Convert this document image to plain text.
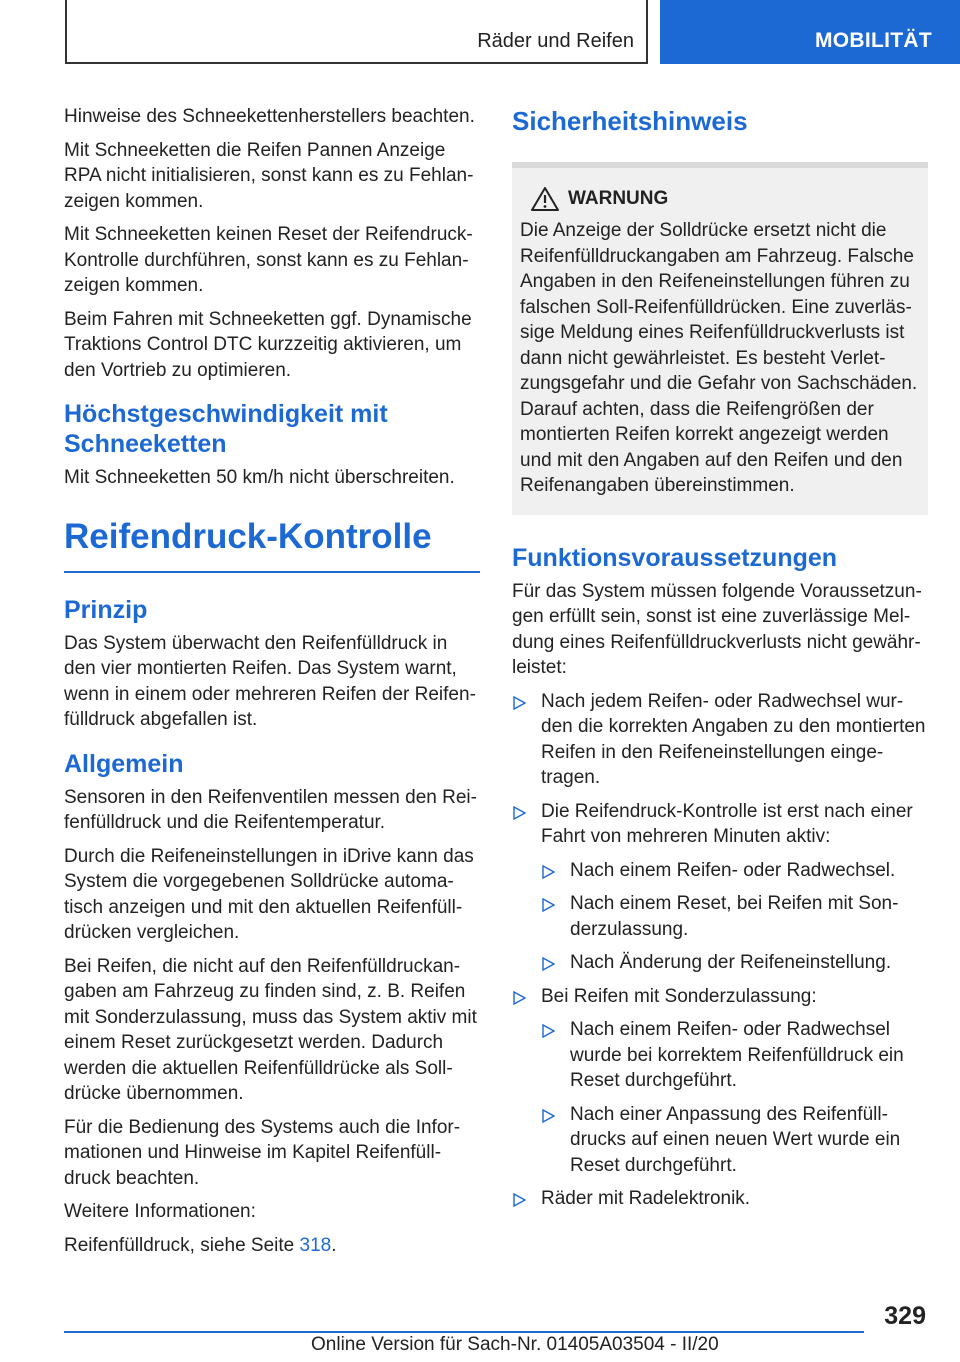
Räder und Reifen	MOBILITÄT

Hinweise des Schneekettenherstellers beachten.

Mit Schneeketten die Reifen Pannen Anzeige RPA nicht initialisieren, sonst kann es zu Fehlanzeigen kommen.

Mit Schneeketten keinen Reset der Reifendruck-Kontrolle durchführen, sonst kann es zu Fehlanzeigen kommen.

Beim Fahren mit Schneeketten ggf. Dynamische Traktions Control DTC kurzzeitig aktivieren, um den Vortrieb zu optimieren.

Höchstgeschwindigkeit mit Schneeketten

Mit Schneeketten 50 km/h nicht überschreiten.

Reifendruck-Kontrolle
Prinzip

Das System überwacht den Reifenfülldruck in den vier montierten Reifen. Das System warnt, wenn in einem oder mehreren Reifen der Reifenfülldruck abgefallen ist.

Allgemein

Sensoren in den Reifenventilen messen den Reifenfülldruck und die Reifentemperatur.

Durch die Reifeneinstellungen in iDrive kann das System die vorgegebenen Solldrücke automatisch anzeigen und mit den aktuellen Reifenfülldrücken vergleichen.

Bei Reifen, die nicht auf den Reifenfülldruckangaben am Fahrzeug zu finden sind, z. B. Reifen mit Sonderzulassung, muss das System aktiv mit einem Reset zurückgesetzt werden. Dadurch werden die aktuellen Reifenfülldrücke als Solldrücke übernommen.

Für die Bedienung des Systems auch die Informationen und Hinweise im Kapitel Reifenfülldruck beachten.

Weitere Informationen:

Reifenfülldruck, siehe Seite 318.

Sicherheitshinweis
WARNUNG

Die Anzeige der Solldrücke ersetzt nicht die Reifenfülldruckangaben am Fahrzeug. Falsche Angaben in den Reifeneinstellungen führen zu falschen Soll-Reifenfülldrücken. Eine zuverlässige Meldung eines Reifenfülldruckverlusts ist dann nicht gewährleistet. Es besteht Verletzungsgefahr und die Gefahr von Sachschäden. Darauf achten, dass die Reifengrößen der montierten Reifen korrekt angezeigt werden und mit den Angaben auf den Reifen und den Reifenangaben übereinstimmen.

Funktionsvoraussetzungen

Für das System müssen folgende Voraussetzungen erfüllt sein, sonst ist eine zuverlässige Meldung eines Reifenfülldruckverlusts nicht gewährleistet:

Nach jedem Reifen- oder Radwechsel wurden die korrekten Angaben zu den montierten Reifen in den Reifeneinstellungen eingetragen.
Die Reifendruck-Kontrolle ist erst nach einer Fahrt von mehreren Minuten aktiv:
Nach einem Reifen- oder Radwechsel.
Nach einem Reset, bei Reifen mit Sonderzulassung.
Nach Änderung der Reifeneinstellung.
Bei Reifen mit Sonderzulassung:
Nach einem Reifen- oder Radwechsel wurde bei korrektem Reifenfülldruck ein Reset durchgeführt.
Nach einer Anpassung des Reifenfülldrucks auf einen neuen Wert wurde ein Reset durchgeführt.
Räder mit Radelektronik.
329
Online Version für Sach-Nr. 01405A03504 - II/20
